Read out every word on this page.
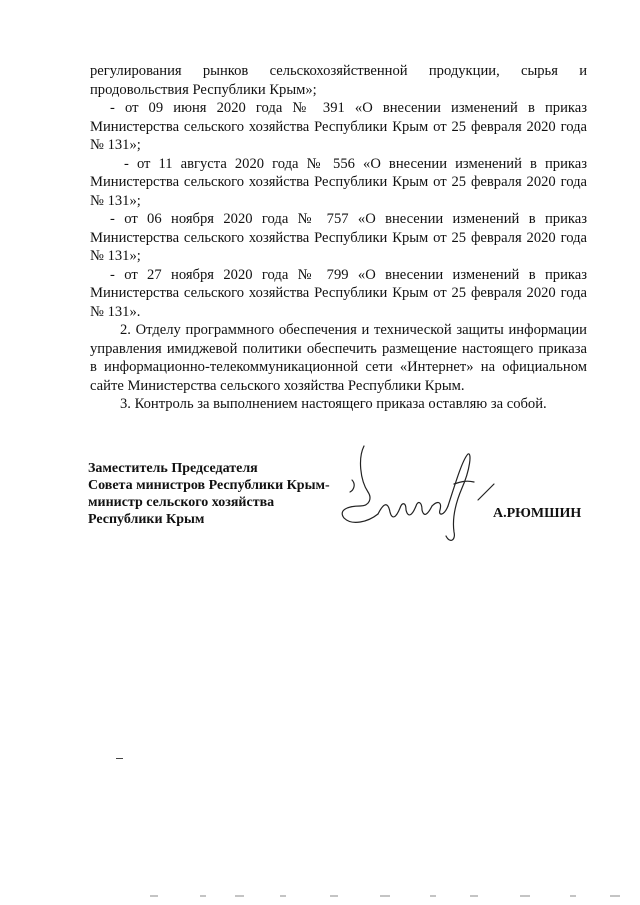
регулирования рынков сельскохозяйственной продукции, сырья и продовольствия Республики Крым»;

- от 09 июня 2020 года № 391 «О внесении изменений в приказ Министерства сельского хозяйства Республики Крым от 25 февраля 2020 года № 131»;

- от 11 августа 2020 года № 556 «О внесении изменений в приказ Министерства сельского хозяйства Республики Крым от 25 февраля 2020 года № 131»;

- от 06 ноября 2020 года № 757 «О внесении изменений в приказ Министерства сельского хозяйства Республики Крым от 25 февраля 2020 года № 131»;

- от 27 ноября 2020 года № 799 «О внесении изменений в приказ Министерства сельского хозяйства Республики Крым от 25 февраля 2020 года № 131».

2. Отделу программного обеспечения и технической защиты информации управления имиджевой политики обеспечить размещение настоящего приказа в информационно-телекоммуникационной сети «Интернет» на официальном сайте Министерства сельского хозяйства Республики Крым.

3. Контроль за выполнением настоящего приказа оставляю за собой.

Заместитель Председателя
Совета министров Республики Крым-
министр сельского хозяйства
Республики Крым	А.РЮМШИН
